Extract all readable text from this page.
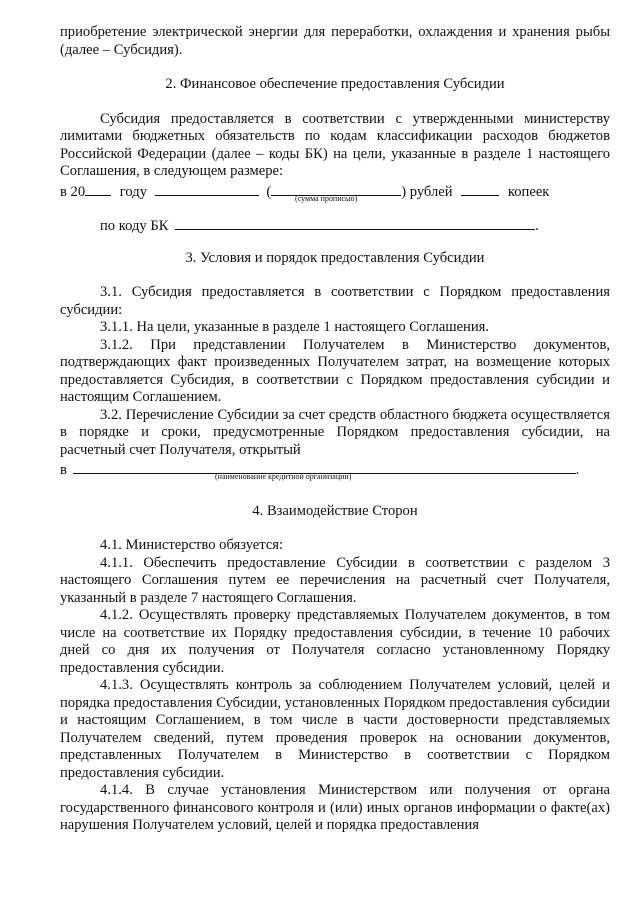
приобретение электрической энергии для переработки, охлаждения и хранения рыбы (далее – Субсидия).

2. Финансовое обеспечение предоставления Субсидии

Субсидия предоставляется в соответствии с утвержденными министерству лимитами бюджетных обязательств по кодам классификации расходов бюджетов Российской Федерации (далее – коды БК) на цели, указанные в разделе 1 настоящего Соглашения, в следующем размере:

в 20 году	(	) рублей	копеек
(сумма прописью)
по коду БК	.

3. Условия и порядок предоставления Субсидии

3.1. Субсидия предоставляется в соответствии с Порядком предоставления субсидии:

3.1.1. На цели, указанные в разделе 1 настоящего Соглашения.

3.1.2. При представлении Получателем в Министерство документов, подтверждающих факт произведенных Получателем затрат, на возмещение которых предоставляется Субсидия, в соответствии с Порядком предоставления субсидии и настоящим Соглашением.

3.2. Перечисление Субсидии за счет средств областного бюджета осуществляется в порядке и сроки, предусмотренные Порядком предоставления субсидии, на расчетный счет Получателя, открытый

в	.
(наименование кредитной организации)

4. Взаимодействие Сторон

4.1. Министерство обязуется:

4.1.1. Обеспечить предоставление Субсидии в соответствии с разделом 3 настоящего Соглашения путем ее перечисления на расчетный счет Получателя, указанный в разделе 7 настоящего Соглашения.

4.1.2. Осуществлять проверку представляемых Получателем документов, в том числе на соответствие их Порядку предоставления субсидии, в течение 10 рабочих дней со дня их получения от Получателя согласно установленному Порядку предоставления субсидии.

4.1.3. Осуществлять контроль за соблюдением Получателем условий, целей и порядка предоставления Субсидии, установленных Порядком предоставления субсидии и настоящим Соглашением, в том числе в части достоверности представляемых Получателем сведений, путем проведения проверок на основании документов, представленных Получателем в Министерство в соответствии с Порядком предоставления субсидии.

4.1.4. В случае установления Министерством или получения от органа государственного финансового контроля и (или) иных органов информации о факте(ах) нарушения Получателем условий, целей и порядка предоставления
